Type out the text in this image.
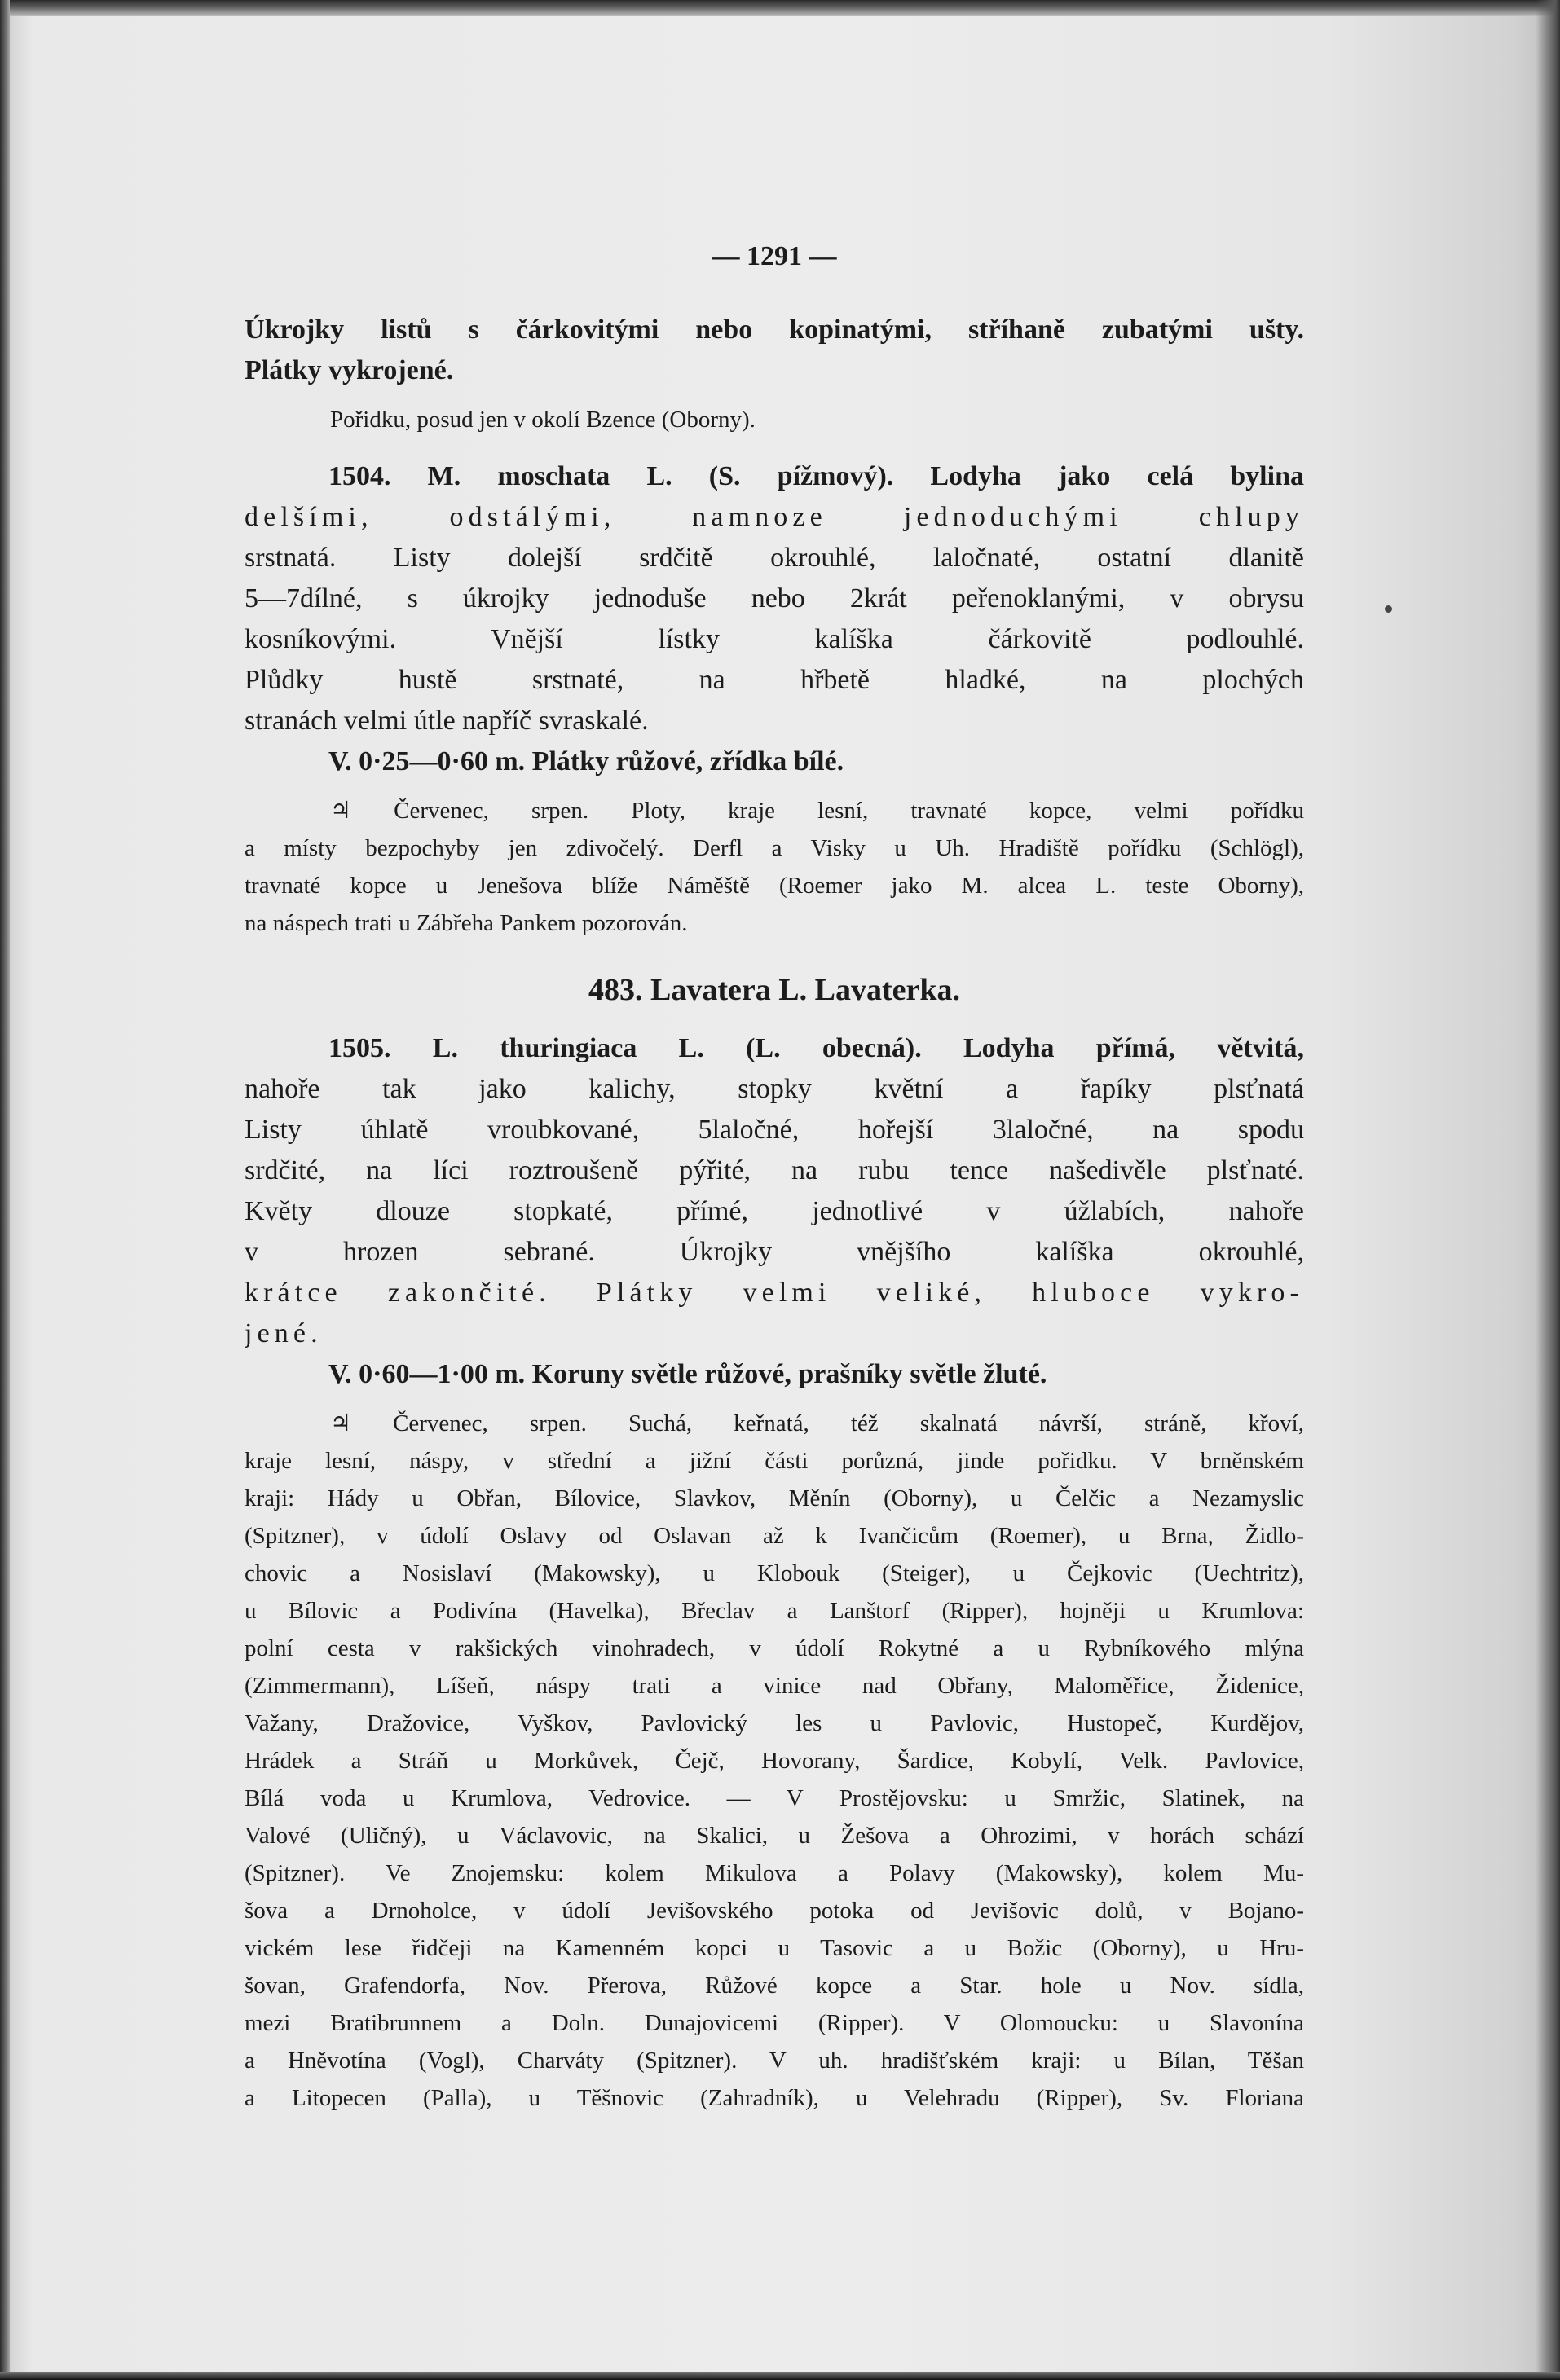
— 1291 —
Úkrojky listů s čárkovitými nebo kopinatými, stříhaně zubatými ušty.
Plátky vykrojené.
Pořidku, posud jen v okolí Bzence (Oborny).
1504. M. moschata L. (S. pížmový). Lodyha jako celá bylina
delšími, odstálými, namnoze jednoduchými chlupy
srstnatá. Listy dolejší srdčitě okrouhlé, laločnaté, ostatní dlanitě
5—7dílné, s úkrojky jednoduše nebo 2krát peřenoklanými, v obrysu
kosníkovými. Vnější lístky kalíška čárkovitě podlouhlé.
Plůdky hustě srstnaté, na hřbetě hladké, na plochých
stranách velmi útle napříč svraskalé.
V. 0·25—0·60 m. Plátky růžové, zřídka bílé.
♃ Červenec, srpen. Ploty, kraje lesní, travnaté kopce, velmi pořídku
a místy bezpochyby jen zdivočelý. Derfl a Visky u Uh. Hradiště pořídku (Schlögl),
travnaté kopce u Jenešova blíže Náměště (Roemer jako M. alcea L. teste Oborny),
na náspech trati u Zábřeha Pankem pozorován.
483. Lavatera L. Lavaterka.
1505. L. thuringiaca L. (L. obecná). Lodyha přímá, větvitá,
nahoře tak jako kalichy, stopky květní a řapíky plsťnatá
Listy úhlatě vroubkované, 5laločné, hořejší 3laločné, na spodu
srdčité, na líci roztroušeně pýřité, na rubu tence našedivěle plsťnaté.
Květy dlouze stopkaté, přímé, jednotlivé v úžlabích, nahoře
v hrozen sebrané. Úkrojky vnějšího kalíška okrouhlé,
krátce zakončité. Plátky velmi veliké, hluboce vykro-
jené.
V. 0·60—1·00 m. Koruny světle růžové, prašníky světle žluté.
♃ Červenec, srpen. Suchá, keřnatá, též skalnatá návrší, stráně, křoví,
kraje lesní, náspy, v střední a jižní části porůzná, jinde pořidku. V brněnském
kraji: Hády u Obřan, Bílovice, Slavkov, Měnín (Oborny), u Čelčic a Nezamyslic
(Spitzner), v údolí Oslavy od Oslavan až k Ivančicům (Roemer), u Brna, Židlo-
chovic a Nosislaví (Makowsky), u Klobouk (Steiger), u Čejkovic (Uechtritz),
u Bílovic a Podivína (Havelka), Břeclav a Lanštorf (Ripper), hojněji u Krumlova:
polní cesta v rakšických vinohradech, v údolí Rokytné a u Rybníkového mlýna
(Zimmermann), Líšeň, náspy trati a vinice nad Obřany, Maloměřice, Židenice,
Važany, Dražovice, Vyškov, Pavlovický les u Pavlovic, Hustopeč, Kurdějov,
Hrádek a Stráň u Morkůvek, Čejč, Hovorany, Šardice, Kobylí, Velk. Pavlovice,
Bílá voda u Krumlova, Vedrovice. — V Prostějovsku: u Smržic, Slatinek, na
Valové (Uličný), u Václavovic, na Skalici, u Žešova a Ohrozimi, v horách schází
(Spitzner). Ve Znojemsku: kolem Mikulova a Polavy (Makowsky), kolem Mu-
šova a Drnoholce, v údolí Jevišovského potoka od Jevišovic dolů, v Bojano-
vickém lese řidčeji na Kamenném kopci u Tasovic a u Božic (Oborny), u Hru-
šovan, Grafendorfa, Nov. Přerova, Růžové kopce a Star. hole u Nov. sídla,
mezi Bratibrunnem a Doln. Dunajovicemi (Ripper). V Olomoucku: u Slavonína
a Hněvotína (Vogl), Charváty (Spitzner). V uh. hradišťském kraji: u Bílan, Těšan
a Litopecen (Palla), u Těšnovic (Zahradník), u Velehradu (Ripper), Sv. Floriana
